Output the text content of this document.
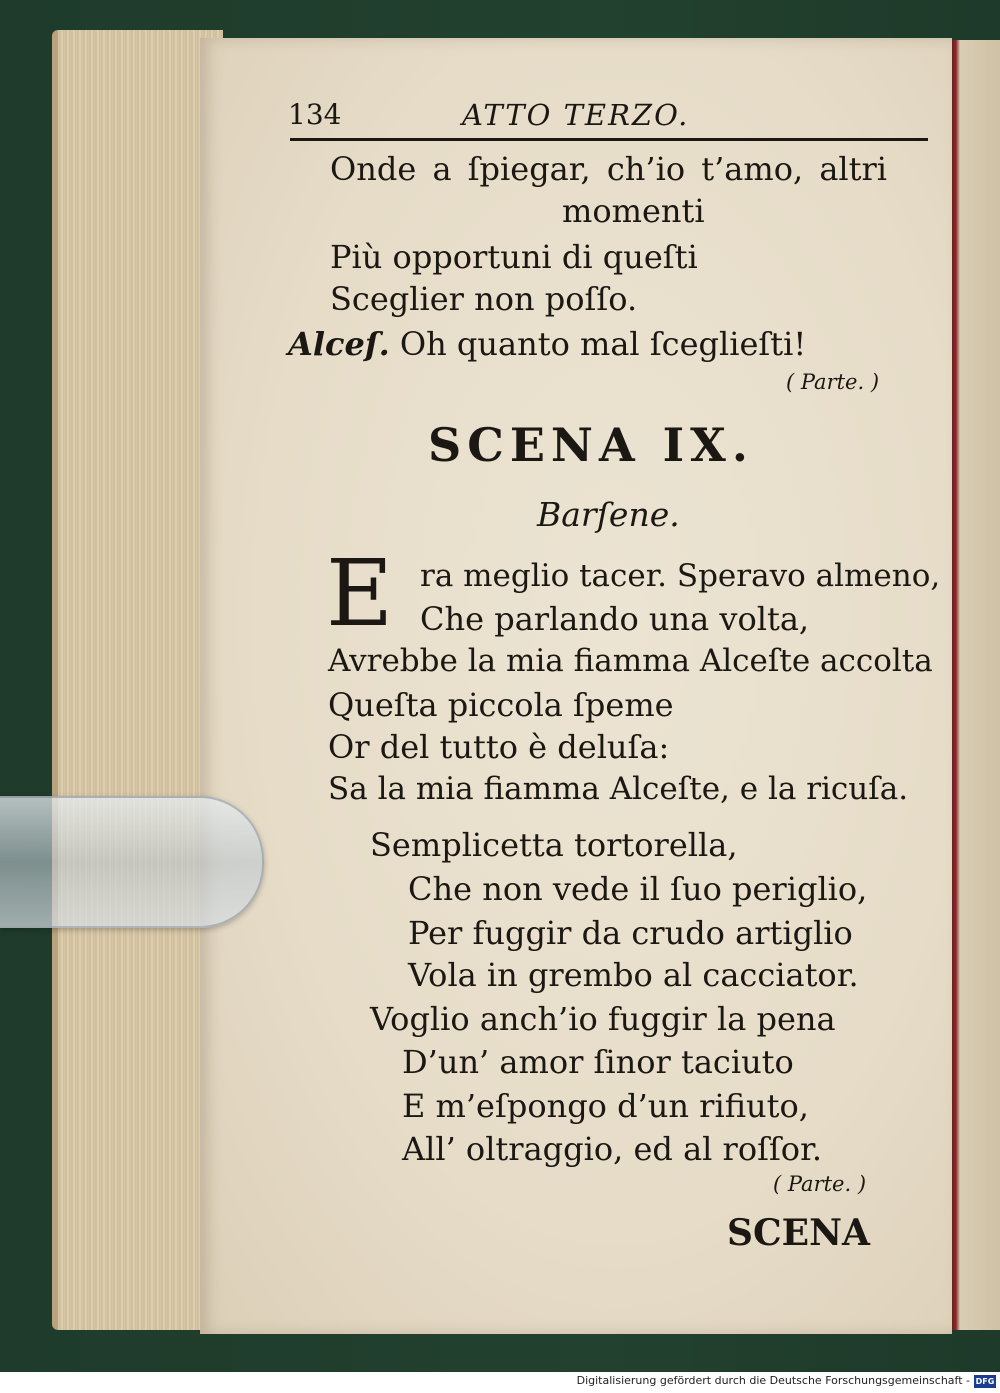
134	ATTO TERZO.
Onde a ſpiegar, ch’io t’amo, altri
momenti
Più opportuni di queſti
Sceglier non poſſo.
Alceſ. Oh quanto mal ſceglieſti!
( Parte. )
SCENA IX.
Barſene.
E ra meglio tacer. Speravo almeno,
Che parlando una volta,
Avrebbe la mia fiamma Alceſte accolta
Queſta piccola ſpeme
Or del tutto è deluſa:
Sa la mia fiamma Alceſte, e la ricuſa.
Semplicetta tortorella,
Che non vede il ſuo periglio,
Per fuggir da crudo artiglio
Vola in grembo al cacciator.
Voglio anch’io fuggir la pena
D’un’ amor ſinor taciuto
E m’eſpongo d’un rifiuto,
All’ oltraggio, ed al roſſor.
( Parte. )
SCENA
Digitalisierung gefördert durch die Deutsche Forschungsgemeinschaft - DFG
